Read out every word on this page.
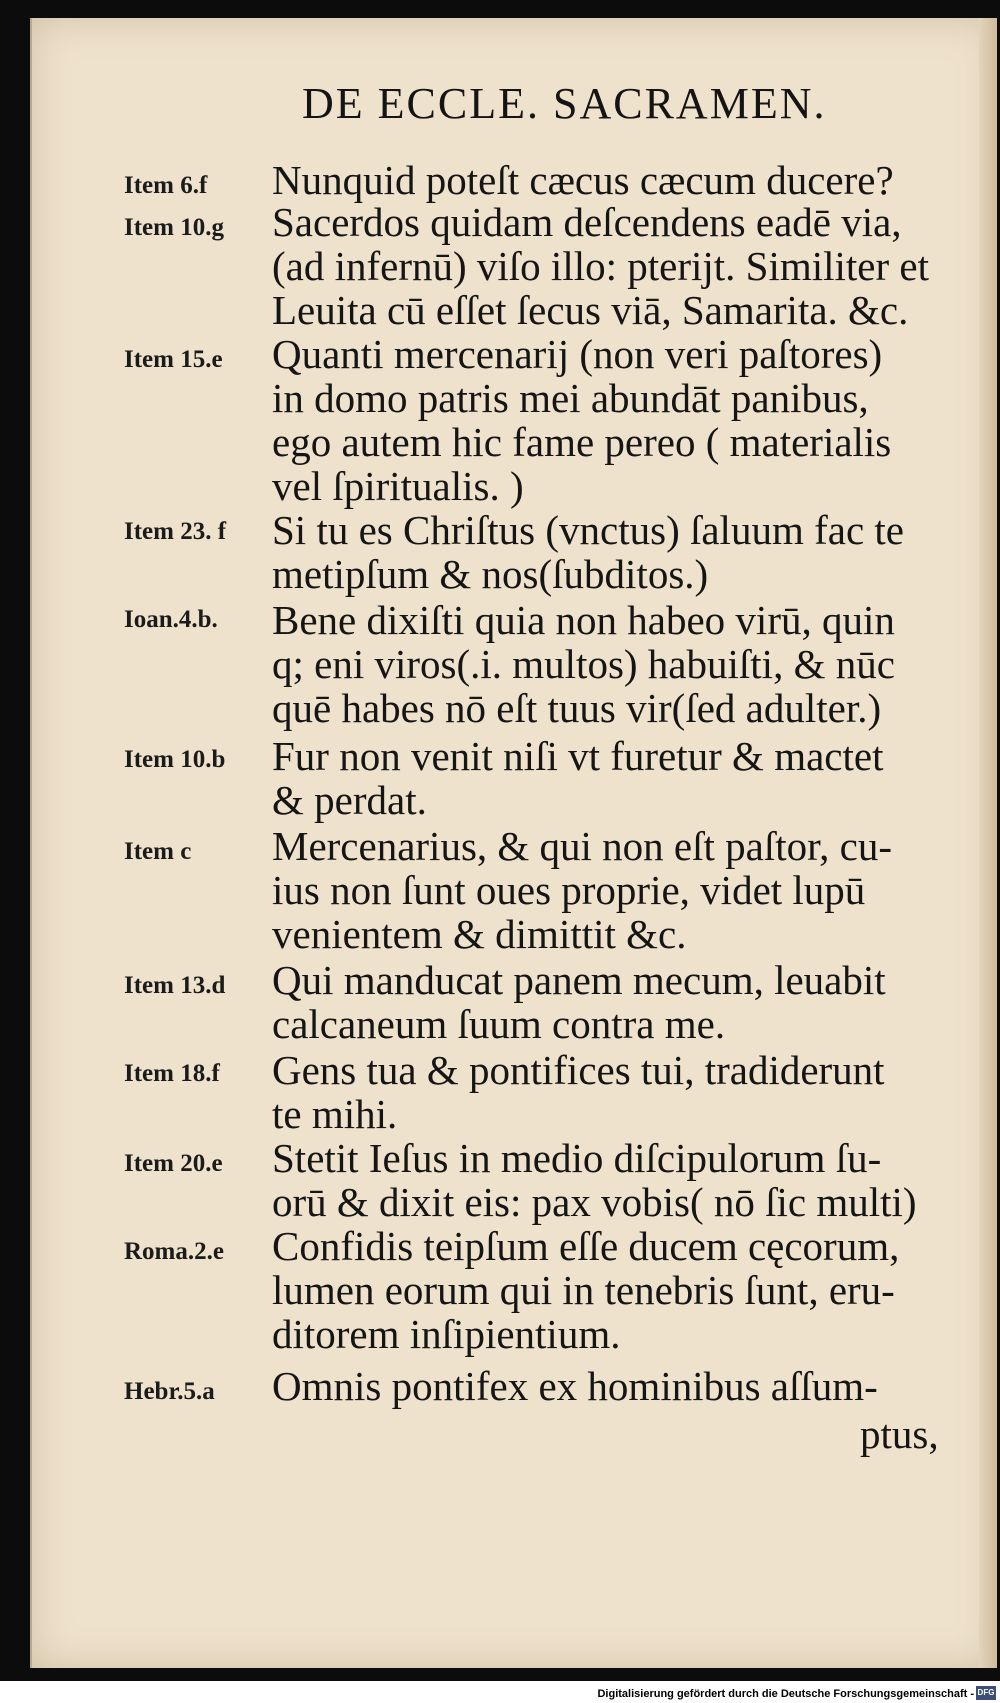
DE ECCLE. SACRAMEN.
Item 6.f Nunquid poteſt cæcus cæcum ducere?
Item 10.g Sacerdos quidam deſcendens eadē via,
(ad infernū) viſo illo: pterijt. Similiter et
Leuita cū eſſet ſecus viā, Samarita. &c.
Item 15.e Quanti mercenarij (non veri paſtores)
in domo patris mei abundāt panibus,
ego autem hic fame pereo ( materialis
vel ſpiritualis. )
Item 23. f Si tu es Chriſtus (vnctus) ſaluum fac te
metipſum & nos(ſubditos.)
Ioan.4.b. Bene dixiſti quia non habeo virū, quin
q; eni viros(.i. multos) habuiſti, & nūc
quē habes nō eſt tuus vir(ſed adulter.)
Item 10.b Fur non venit niſi vt furetur & mactet
& perdat.
Item c Mercenarius, & qui non eſt paſtor, cu-
ius non ſunt oues proprie, videt lupū
venientem & dimittit &c.
Item 13.d Qui manducat panem mecum, leuabit
calcaneum ſuum contra me.
Item 18.f Gens tua & pontifices tui, tradiderunt
te mihi.
Item 20.e Stetit Ieſus in medio diſcipulorum ſu-
orū & dixit eis: pax vobis( nō ſic multi)
Roma.2.e Confidis teipſum eſſe ducem cęcorum,
lumen eorum qui in tenebris ſunt, eru-
ditorem inſipientium.
Hebr.5.a Omnis pontifex ex hominibus aſſum-
ptus,
Digitalisierung gefördert durch die Deutsche Forschungsgemeinschaft - DFG
